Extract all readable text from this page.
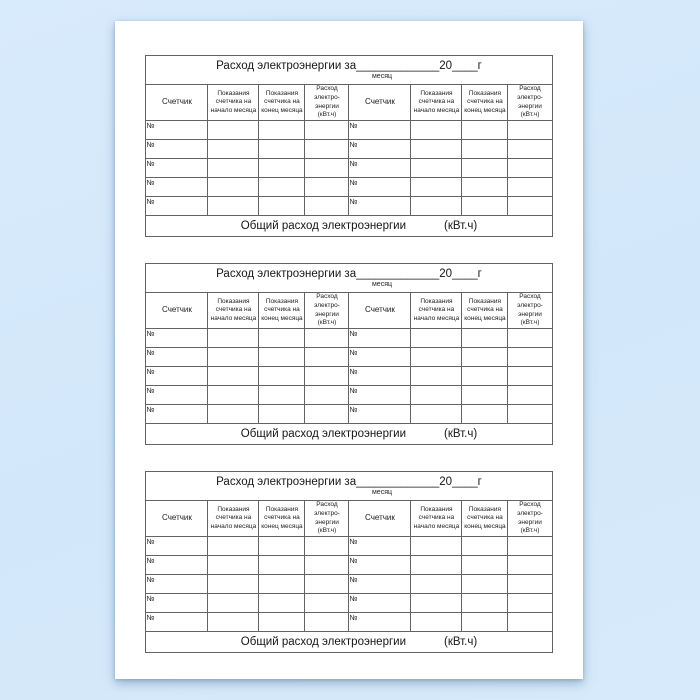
Расход электроэнергии за_____________20____г
месяц							

Счетчик	Показания счетчика на начало месяца	Показания счетчика на конец месяца	Расход электро-энергии (кВт.ч)	Счетчик	Показания счетчика на начало месяца	Показания счетчика на конец месяца	Расход электро-энергии (кВт.ч)
№				№			
№				№			
№				№			
№				№			
№				№			

Общий расход электроэнергии (кВт.ч)							
Расход электроэнергии за_____________20____г
месяц							

Счетчик	Показания счетчика на начало месяца	Показания счетчика на конец месяца	Расход электро-энергии (кВт.ч)	Счетчик	Показания счетчика на начало месяца	Показания счетчика на конец месяца	Расход электро-энергии (кВт.ч)
№				№			
№				№			
№				№			
№				№			
№				№			

Общий расход электроэнергии (кВт.ч)							
Расход электроэнергии за_____________20____г
месяц							

Счетчик	Показания счетчика на начало месяца	Показания счетчика на конец месяца	Расход электро-энергии (кВт.ч)	Счетчик	Показания счетчика на начало месяца	Показания счетчика на конец месяца	Расход электро-энергии (кВт.ч)
№				№			
№				№			
№				№			
№				№			
№				№			

Общий расход электроэнергии (кВт.ч)							
